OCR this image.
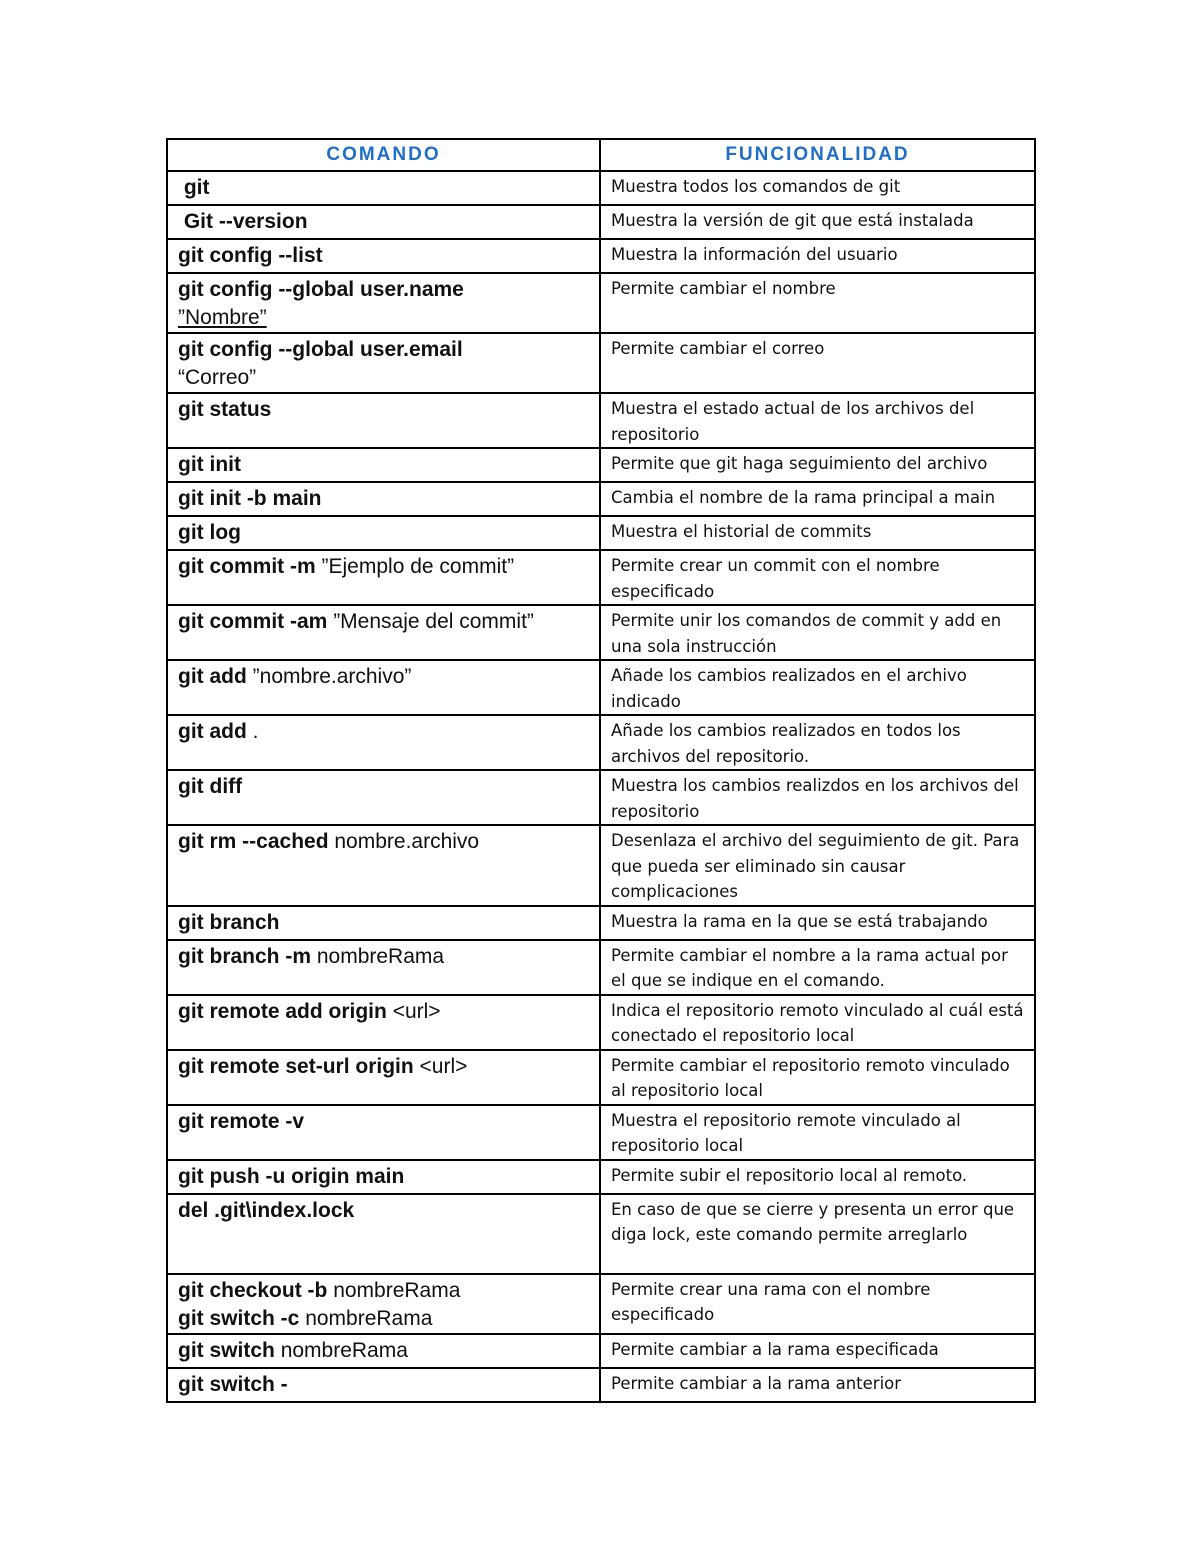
COMANDO	FUNCIONALIDAD

git	Muestra todos los comandos de git

Git --version	Muestra la versión de git que está instalada

git config --list	Muestra la información del usuario

git config --global user.name
”Nombre”	Permite cambiar el nombre

git config --global user.email
“Correo”	Permite cambiar el correo

git status	Muestra el estado actual de los archivos del repositorio

git init	Permite que git haga seguimiento del archivo

git init -b main	Cambia el nombre de la rama principal a main

git log	Muestra el historial de commits

git commit -m ”Ejemplo de commit”	Permite crear un commit con el nombre especificado

git commit -am ”Mensaje del commit”	Permite unir los comandos de commit y add en una sola instrucción

git add ”nombre.archivo”	Añade los cambios realizados en el archivo indicado

git add .	Añade los cambios realizados en todos los archivos del repositorio.

git diff	Muestra los cambios realizdos en los archivos del repositorio

git rm --cached nombre.archivo	Desenlaza el archivo del seguimiento de git. Para que pueda ser eliminado sin causar complicaciones

git branch	Muestra la rama en la que se está trabajando

git branch -m nombreRama	Permite cambiar el nombre a la rama actual por el que se indique en el comando.

git remote add origin <url>	Indica el repositorio remoto vinculado al cuál está conectado el repositorio local

git remote set-url origin <url>	Permite cambiar el repositorio remoto vinculado al repositorio local

git remote -v	Muestra el repositorio remote vinculado al repositorio local

git push -u origin main	Permite subir el repositorio local al remoto.

del .git\index.lock	En caso de que se cierre y presenta un error que diga lock, este comando permite arreglarlo

git checkout -b nombreRama
git switch -c nombreRama	Permite crear una rama con el nombre especificado

git switch nombreRama	Permite cambiar a la rama especificada

git switch -	Permite cambiar a la rama anterior
